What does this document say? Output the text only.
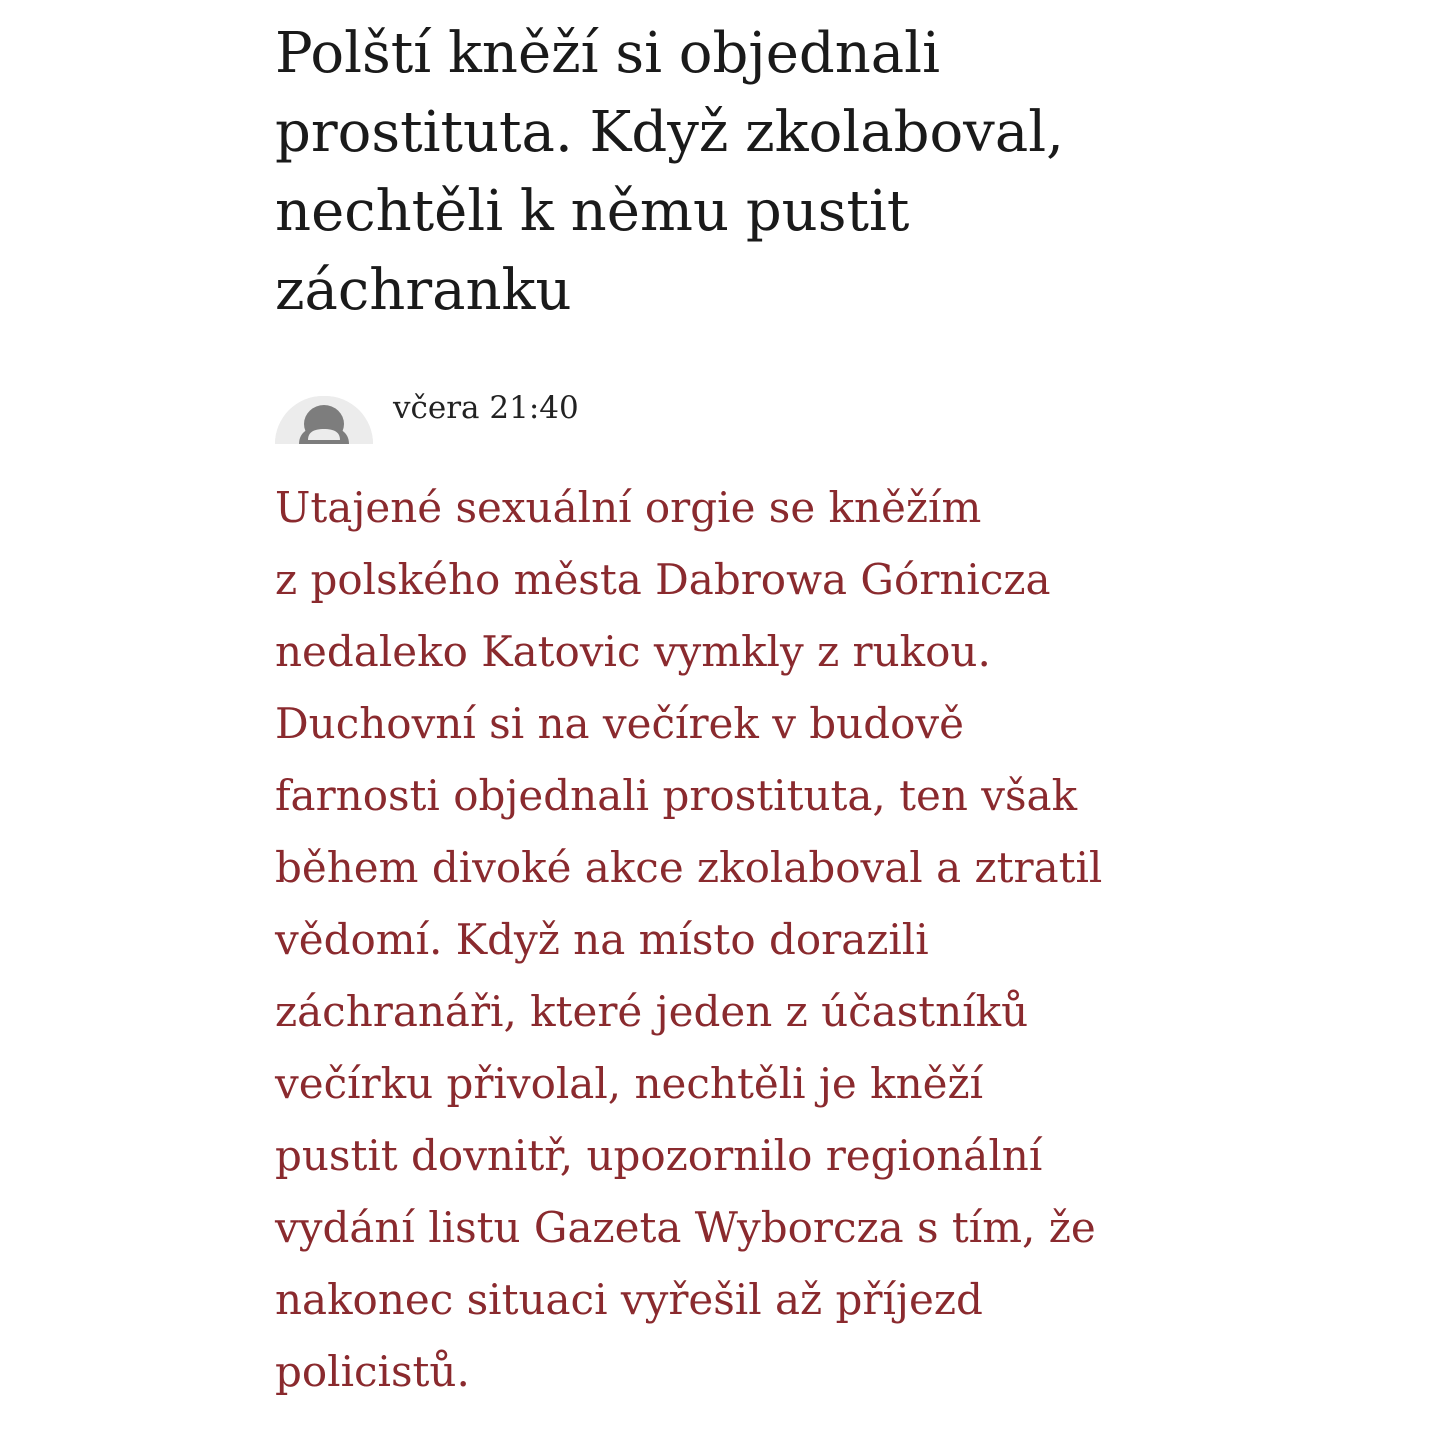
Polští kněží si objednali
prostituta. Když zkolaboval,
nechtěli k němu pustit
záchranku
včera 21:40

Utajené sexuální orgie se kněžím
z polského města Dabrowa Górnicza
nedaleko Katovic vymkly z rukou.
Duchovní si na večírek v budově
farnosti objednali prostituta, ten však
během divoké akce zkolaboval a ztratil
vědomí. Když na místo dorazili
záchranáři, které jeden z účastníků
večírku přivolal, nechtěli je kněží
pustit dovnitř, upozornilo regionální
vydání listu Gazeta Wyborcza s tím, že
nakonec situaci vyřešil až příjezd
policistů.
